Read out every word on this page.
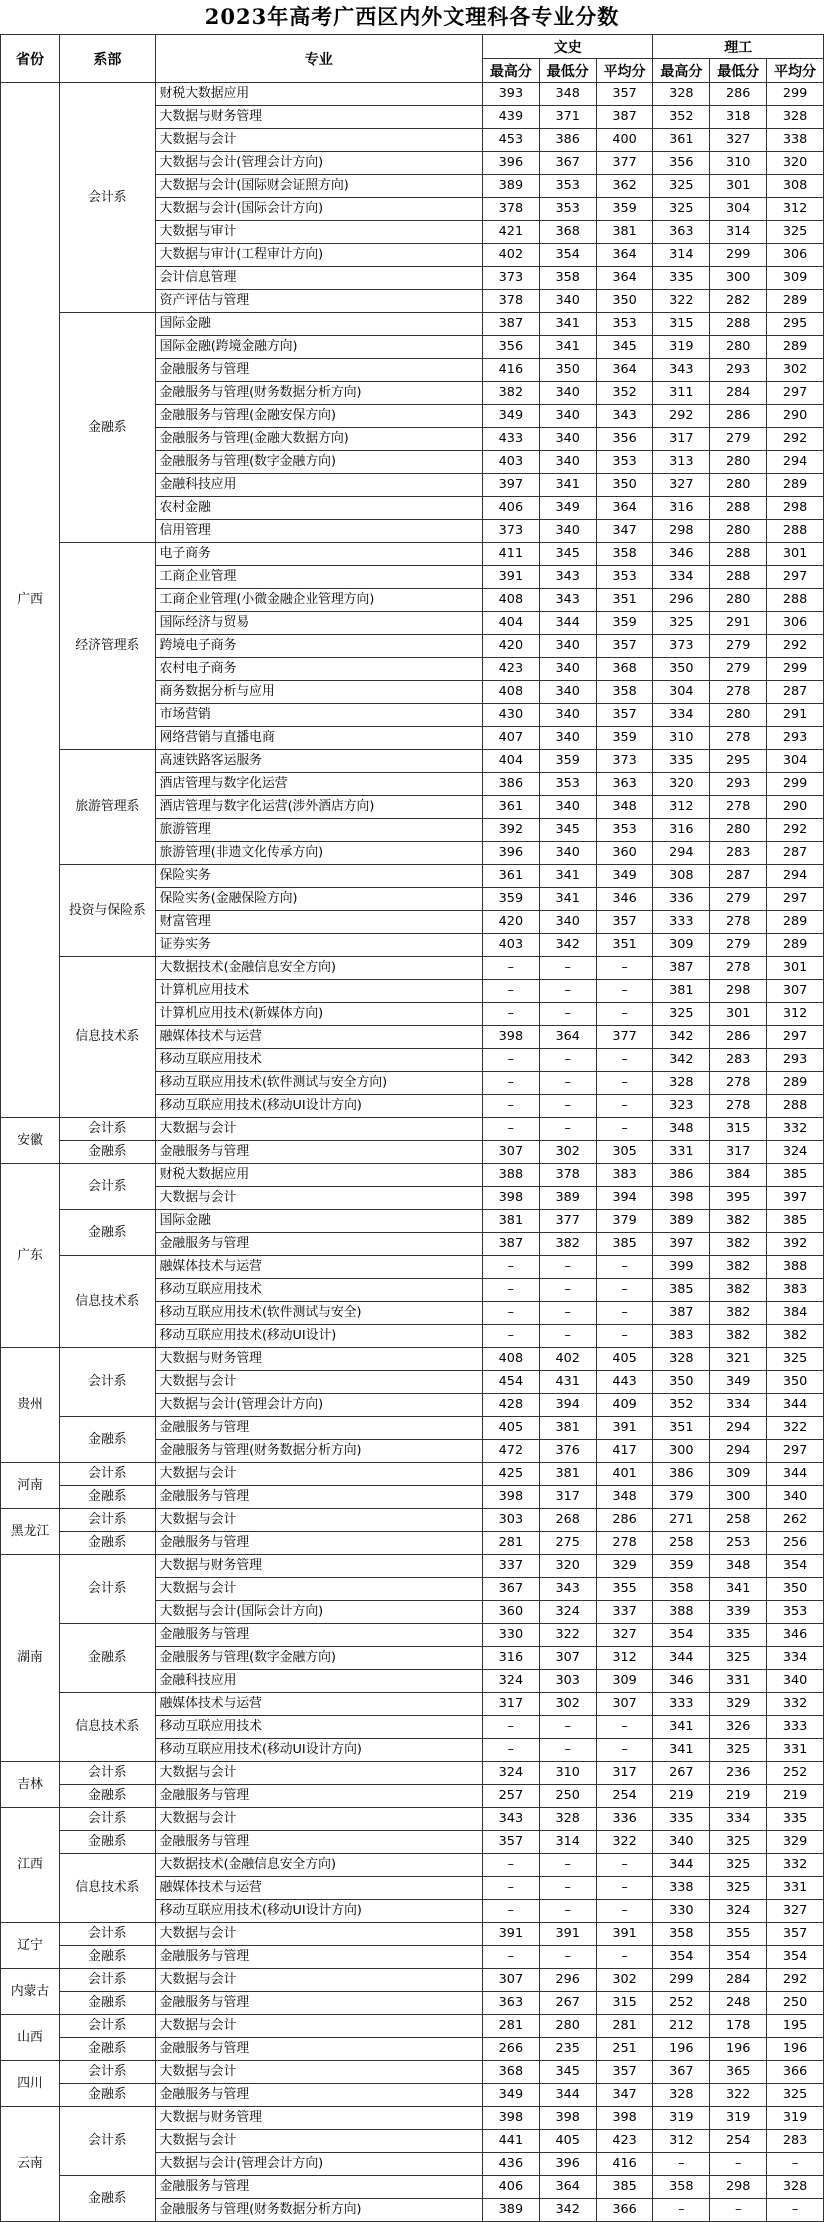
2023年高考广西区内外文理科各专业分数
省份	系部	专业	文史			理工		
			最高分	最低分	平均分	最高分	最低分	平均分
广西	会计系	财税大数据应用	393	348	357	328	286	299
		大数据与财务管理	439	371	387	352	318	328
		大数据与会计	453	386	400	361	327	338
		大数据与会计(管理会计方向)	396	367	377	356	310	320
		大数据与会计(国际财会证照方向)	389	353	362	325	301	308
		大数据与会计(国际会计方向)	378	353	359	325	304	312
		大数据与审计	421	368	381	363	314	325
		大数据与审计(工程审计方向)	402	354	364	314	299	306
		会计信息管理	373	358	364	335	300	309
		资产评估与管理	378	340	350	322	282	289
	金融系	国际金融	387	341	353	315	288	295
		国际金融(跨境金融方向)	356	341	345	319	280	289
		金融服务与管理	416	350	364	343	293	302
		金融服务与管理(财务数据分析方向)	382	340	352	311	284	297
		金融服务与管理(金融安保方向)	349	340	343	292	286	290
		金融服务与管理(金融大数据方向)	433	340	356	317	279	292
		金融服务与管理(数字金融方向)	403	340	353	313	280	294
		金融科技应用	397	341	350	327	280	289
		农村金融	406	349	364	316	288	298
		信用管理	373	340	347	298	280	288
	经济管理系	电子商务	411	345	358	346	288	301
		工商企业管理	391	343	353	334	288	297
		工商企业管理(小微金融企业管理方向)	408	343	351	296	280	288
		国际经济与贸易	404	344	359	325	291	306
		跨境电子商务	420	340	357	373	279	292
		农村电子商务	423	340	368	350	279	299
		商务数据分析与应用	408	340	358	304	278	287
		市场营销	430	340	357	334	280	291
		网络营销与直播电商	407	340	359	310	278	293
	旅游管理系	高速铁路客运服务	404	359	373	335	295	304
		酒店管理与数字化运营	386	353	363	320	293	299
		酒店管理与数字化运营(涉外酒店方向)	361	340	348	312	278	290
		旅游管理	392	345	353	316	280	292
		旅游管理(非遗文化传承方向)	396	340	360	294	283	287
	投资与保险系	保险实务	361	341	349	308	287	294
		保险实务(金融保险方向)	359	341	346	336	279	297
		财富管理	420	340	357	333	278	289
		证券实务	403	342	351	309	279	289
	信息技术系	大数据技术(金融信息安全方向)	–	–	–	387	278	301
		计算机应用技术	–	–	–	381	298	307
		计算机应用技术(新媒体方向)	–	–	–	325	301	312
		融媒体技术与运营	398	364	377	342	286	297
		移动互联应用技术	–	–	–	342	283	293
		移动互联应用技术(软件测试与安全方向)	–	–	–	328	278	289
		移动互联应用技术(移动UI设计方向)	–	–	–	323	278	288
安徽	会计系	大数据与会计	–	–	–	348	315	332
	金融系	金融服务与管理	307	302	305	331	317	324
广东	会计系	财税大数据应用	388	378	383	386	384	385
		大数据与会计	398	389	394	398	395	397
	金融系	国际金融	381	377	379	389	382	385
		金融服务与管理	387	382	385	397	382	392
	信息技术系	融媒体技术与运营	–	–	–	399	382	388
		移动互联应用技术	–	–	–	385	382	383
		移动互联应用技术(软件测试与安全)	–	–	–	387	382	384
		移动互联应用技术(移动UI设计)	–	–	–	383	382	382
贵州	会计系	大数据与财务管理	408	402	405	328	321	325
		大数据与会计	454	431	443	350	349	350
		大数据与会计(管理会计方向)	428	394	409	352	334	344
	金融系	金融服务与管理	405	381	391	351	294	322
		金融服务与管理(财务数据分析方向)	472	376	417	300	294	297
河南	会计系	大数据与会计	425	381	401	386	309	344
	金融系	金融服务与管理	398	317	348	379	300	340
黑龙江	会计系	大数据与会计	303	268	286	271	258	262
	金融系	金融服务与管理	281	275	278	258	253	256
湖南	会计系	大数据与财务管理	337	320	329	359	348	354
		大数据与会计	367	343	355	358	341	350
		大数据与会计(国际会计方向)	360	324	337	388	339	353
	金融系	金融服务与管理	330	322	327	354	335	346
		金融服务与管理(数字金融方向)	316	307	312	344	325	334
		金融科技应用	324	303	309	346	331	340
	信息技术系	融媒体技术与运营	317	302	307	333	329	332
		移动互联应用技术	–	–	–	341	326	333
		移动互联应用技术(移动UI设计方向)	–	–	–	341	325	331
吉林	会计系	大数据与会计	324	310	317	267	236	252
	金融系	金融服务与管理	257	250	254	219	219	219
江西	会计系	大数据与会计	343	328	336	335	334	335
	金融系	金融服务与管理	357	314	322	340	325	329
	信息技术系	大数据技术(金融信息安全方向)	–	–	–	344	325	332
		融媒体技术与运营	–	–	–	338	325	331
		移动互联应用技术(移动UI设计方向)	–	–	–	330	324	327
辽宁	会计系	大数据与会计	391	391	391	358	355	357
	金融系	金融服务与管理	–	–	–	354	354	354
内蒙古	会计系	大数据与会计	307	296	302	299	284	292
	金融系	金融服务与管理	363	267	315	252	248	250
山西	会计系	大数据与会计	281	280	281	212	178	195
	金融系	金融服务与管理	266	235	251	196	196	196
四川	会计系	大数据与会计	368	345	357	367	365	366
	金融系	金融服务与管理	349	344	347	328	322	325
云南	会计系	大数据与财务管理	398	398	398	319	319	319
		大数据与会计	441	405	423	312	254	283
		大数据与会计(管理会计方向)	436	396	416	–	–	–
	金融系	金融服务与管理	406	364	385	358	298	328
		金融服务与管理(财务数据分析方向)	389	342	366	–	–	–
